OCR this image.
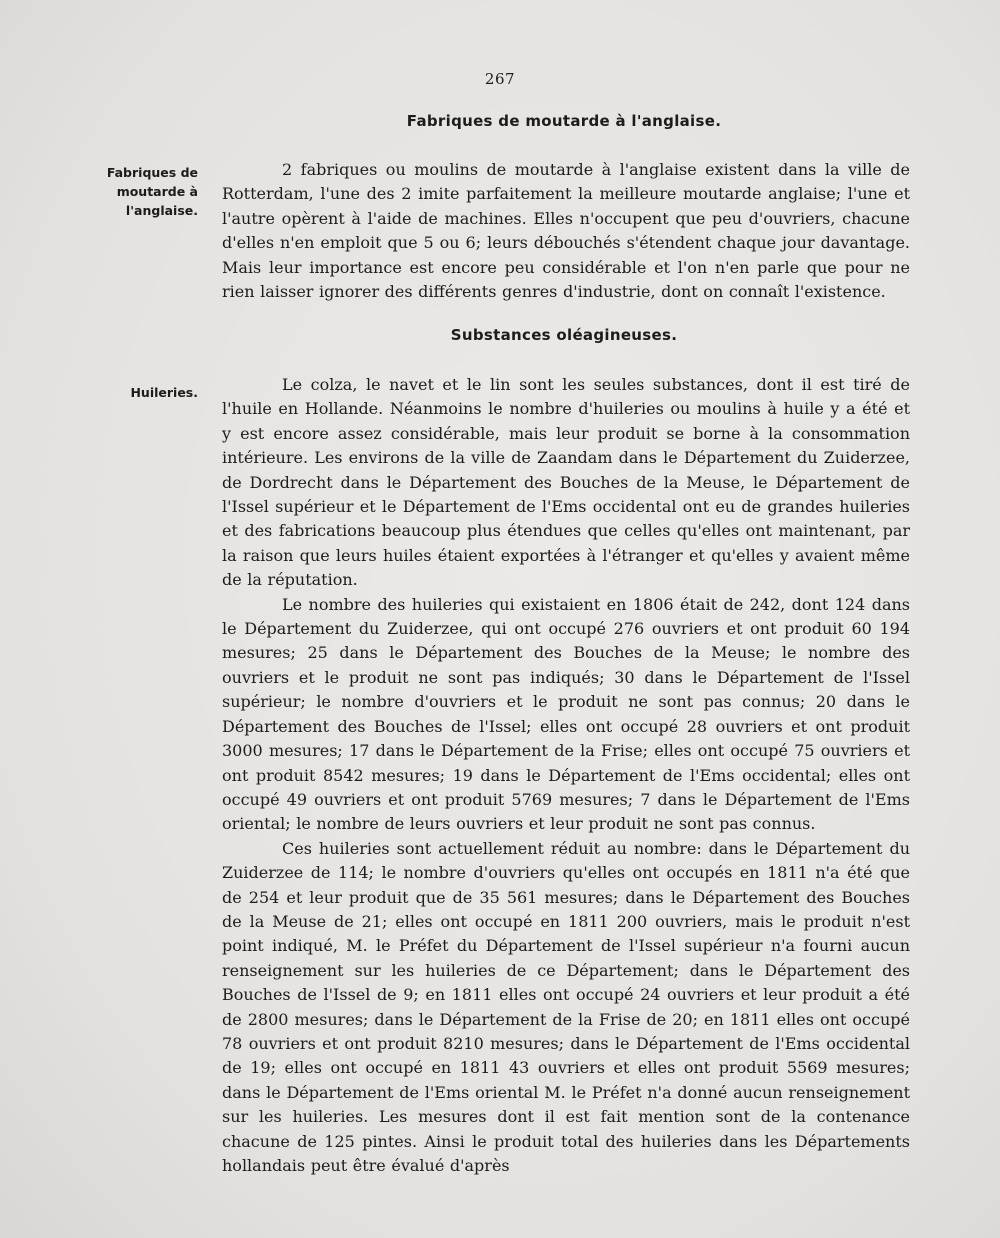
267
Fabriques de moutarde à l'anglaise.
Fabriques de moutarde à l'anglaise.

2 fabriques ou moulins de moutarde à l'anglaise existent dans la ville de Rotterdam, l'une des 2 imite parfaitement la meilleure moutarde anglaise; l'une et l'autre opèrent à l'aide de machines. Elles n'occupent que peu d'ouvriers, chacune d'elles n'en emploit que 5 ou 6; leurs débouchés s'étendent chaque jour davantage. Mais leur importance est encore peu considérable et l'on n'en parle que pour ne rien laisser ignorer des différents genres d'industrie, dont on connaît l'existence.

Substances oléagineuses.
Huileries.	Le colza, le navet et le lin sont les seules substances, dont il est tiré de l'huile en Hollande. Néanmoins le nombre d'huileries ou moulins à huile y a été et y est encore assez considérable, mais leur produit se borne à la consommation intérieure. Les environs de la ville de Zaandam dans le Département du Zuiderzee, de Dordrecht dans le Département des Bouches de la Meuse, le Département de l'Issel supérieur et le Département de l'Ems occidental ont eu de grandes huileries et des fabrications beaucoup plus étendues que celles qu'elles ont maintenant, par la raison que leurs huiles étaient exportées à l'étranger et qu'elles y avaient même de la réputation.

Le nombre des huileries qui existaient en 1806 était de 242, dont 124 dans le Département du Zuiderzee, qui ont occupé 276 ouvriers et ont produit 60 194 mesures; 25 dans le Département des Bouches de la Meuse; le nombre des ouvriers et le produit ne sont pas indiqués; 30 dans le Département de l'Issel supérieur; le nombre d'ouvriers et le produit ne sont pas connus; 20 dans le Département des Bouches de l'Issel; elles ont occupé 28 ouvriers et ont produit 3000 mesures; 17 dans le Département de la Frise; elles ont occupé 75 ouvriers et ont produit 8542 mesures; 19 dans le Département de l'Ems occidental; elles ont occupé 49 ouvriers et ont produit 5769 mesures; 7 dans le Département de l'Ems oriental; le nombre de leurs ouvriers et leur produit ne sont pas connus.

Ces huileries sont actuellement réduit au nombre: dans le Département du Zuiderzee de 114; le nombre d'ouvriers qu'elles ont occupés en 1811 n'a été que de 254 et leur produit que de 35 561 mesures; dans le Département des Bouches de la Meuse de 21; elles ont occupé en 1811 200 ouvriers, mais le produit n'est point indiqué, M. le Préfet du Département de l'Issel supérieur n'a fourni aucun renseignement sur les huileries de ce Département; dans le Département des Bouches de l'Issel de 9; en 1811 elles ont occupé 24 ouvriers et leur produit a été de 2800 mesures; dans le Département de la Frise de 20; en 1811 elles ont occupé 78 ouvriers et ont produit 8210 mesures; dans le Département de l'Ems occidental de 19; elles ont occupé en 1811 43 ouvriers et elles ont produit 5569 mesures; dans le Département de l'Ems oriental M. le Préfet n'a donné aucun renseignement sur les huileries. Les mesures dont il est fait mention sont de la contenance chacune de 125 pintes. Ainsi le produit total des huileries dans les Départements hollandais peut être évalué d'après
